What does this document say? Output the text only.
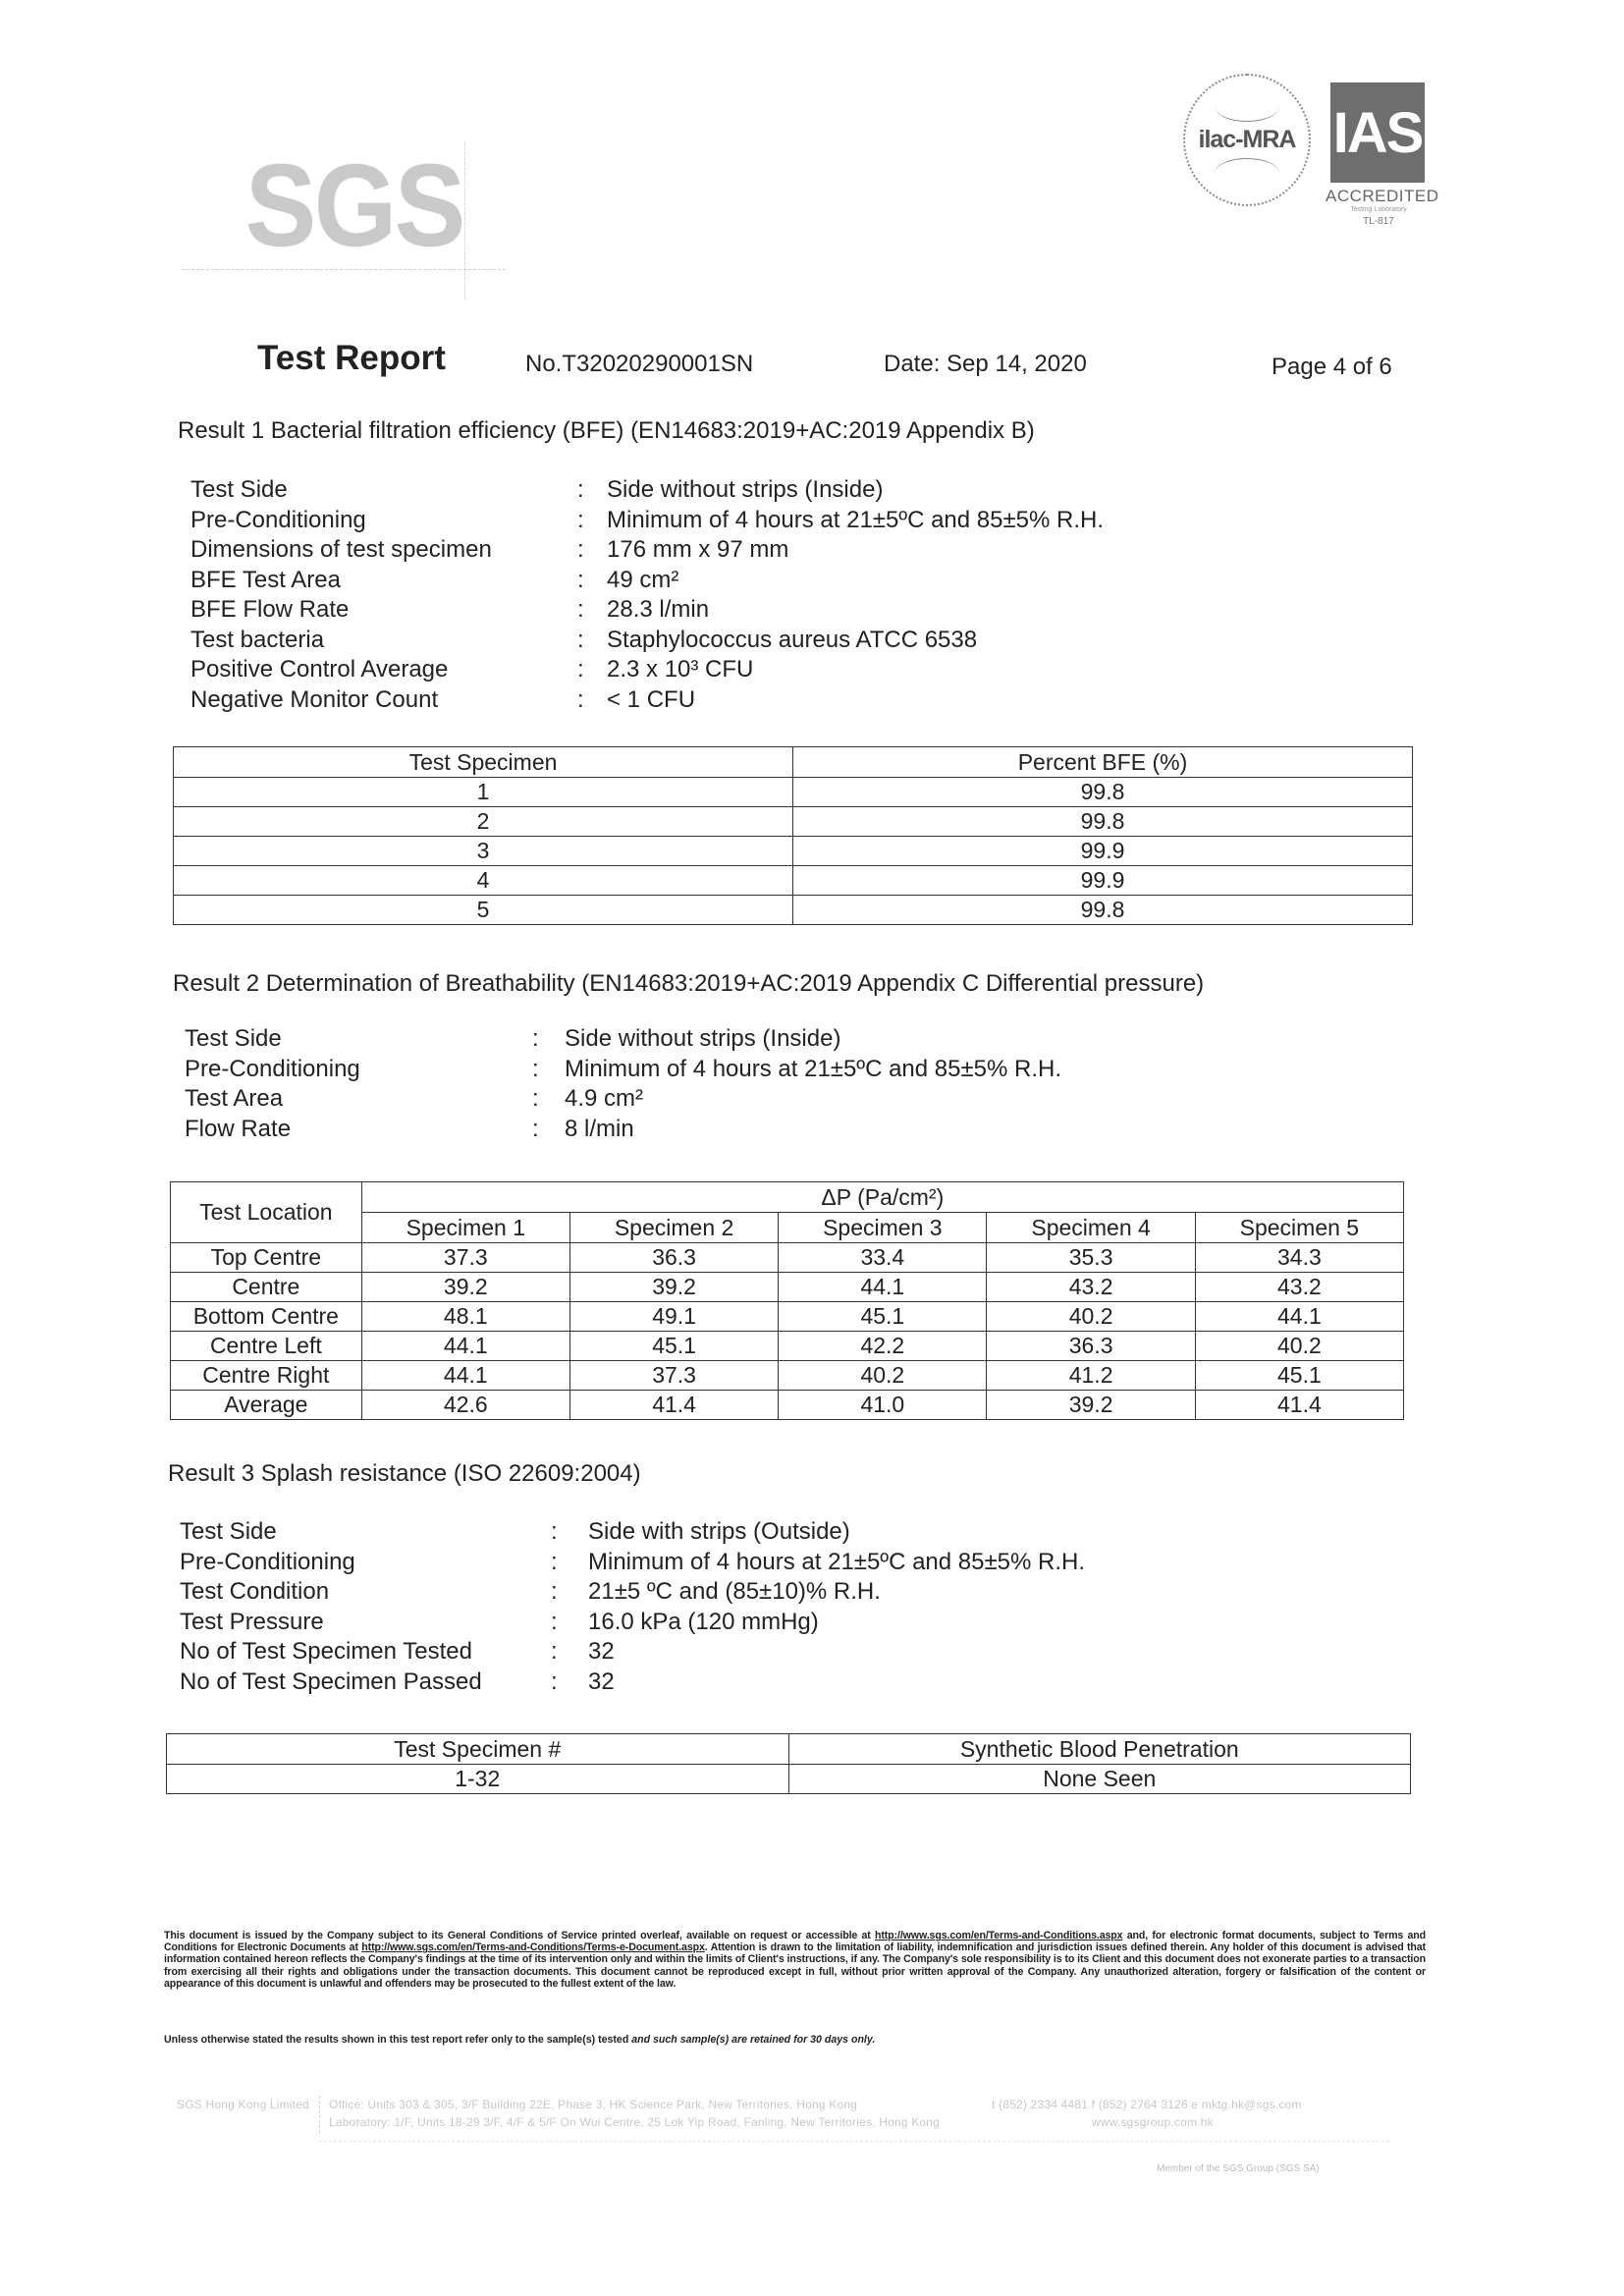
SGS
ilac-MRA IAS
ACCREDITED
Testing Laboratory
TL-817
Test Report	No.T32020290001SN	Date: Sep 14, 2020	Page 4 of 6
Result 1 Bacterial filtration efficiency (BFE) (EN14683:2019+AC:2019 Appendix B)
Test Side	: Side without strips (Inside)
Pre-Conditioning	: Minimum of 4 hours at 21±5ºC and 85±5% R.H.
Dimensions of test specimen	: 176 mm x 97 mm
BFE Test Area	: 49 cm²
BFE Flow Rate	: 28.3 l/min
Test bacteria	: Staphylococcus aureus ATCC 6538
Positive Control Average	: 2.3 x 10³ CFU
Negative Monitor Count	: < 1 CFU
Test Specimen	Percent BFE (%)
1	99.8
2	99.8
3	99.9
4	99.9
5	99.8
Result 2 Determination of Breathability (EN14683:2019+AC:2019 Appendix C Differential pressure)
Test Side	:	Side without strips (Inside)
Pre-Conditioning	:	Minimum of 4 hours at 21±5ºC and 85±5% R.H.
Test Area	:	4.9 cm²
Flow Rate	:	8 l/min
Test Location	ΔP (Pa/cm²)				
	Specimen 1	Specimen 2	Specimen 3	Specimen 4	Specimen 5
Top Centre	37.3	36.3	33.4	35.3	34.3
Centre	39.2	39.2	44.1	43.2	43.2
Bottom Centre	48.1	49.1	45.1	40.2	44.1
Centre Left	44.1	45.1	42.2	36.3	40.2
Centre Right	44.1	37.3	40.2	41.2	45.1
Average	42.6	41.4	41.0	39.2	41.4
Result 3 Splash resistance (ISO 22609:2004)
Test Side	:	Side with strips (Outside)
Pre-Conditioning	:	Minimum of 4 hours at 21±5ºC and 85±5% R.H.
Test Condition	:	21±5 ºC and (85±10)% R.H.
Test Pressure	:	16.0 kPa (120 mmHg)
No of Test Specimen Tested	:	32
No of Test Specimen Passed	:	32
Test Specimen #	Synthetic Blood Penetration
1-32	None Seen
This document is issued by the Company subject to its General Conditions of Service printed overleaf, available on request or accessible at http://www.sgs.com/en/Terms-and-Conditions.aspx and, for electronic format documents, subject to Terms and Conditions for Electronic Documents at http://www.sgs.com/en/Terms-and-Conditions/Terms-e-Document.aspx. Attention is drawn to the limitation of liability, indemnification and jurisdiction issues defined therein. Any holder of this document is advised that information contained hereon reflects the Company's findings at the time of its intervention only and within the limits of Client's instructions, if any. The Company's sole responsibility is to its Client and this document does not exonerate parties to a transaction from exercising all their rights and obligations under the transaction documents. This document cannot be reproduced except in full, without prior written approval of the Company. Any unauthorized alteration, forgery or falsification of the content or appearance of this document is unlawful and offenders may be prosecuted to the fullest extent of the law.
Unless otherwise stated the results shown in this test report refer only to the sample(s) tested and such sample(s) are retained for 30 days only.
SGS Hong Kong Limited Office: Units 303 & 305, 3/F Building 22E, Phase 3, HK Science Park, New Territories, Hong Kong	t (852) 2334 4481 f (852) 2764 3126 e mktg.hk@sgs.com
Laboratory: 1/F, Units 18-29 3/F, 4/F & 5/F On Wui Centre, 25 Lok Yip Road, Fanling, New Territories, Hong Kong	www.sgsgroup.com.hk
Member of the SGS Group (SGS SA)
